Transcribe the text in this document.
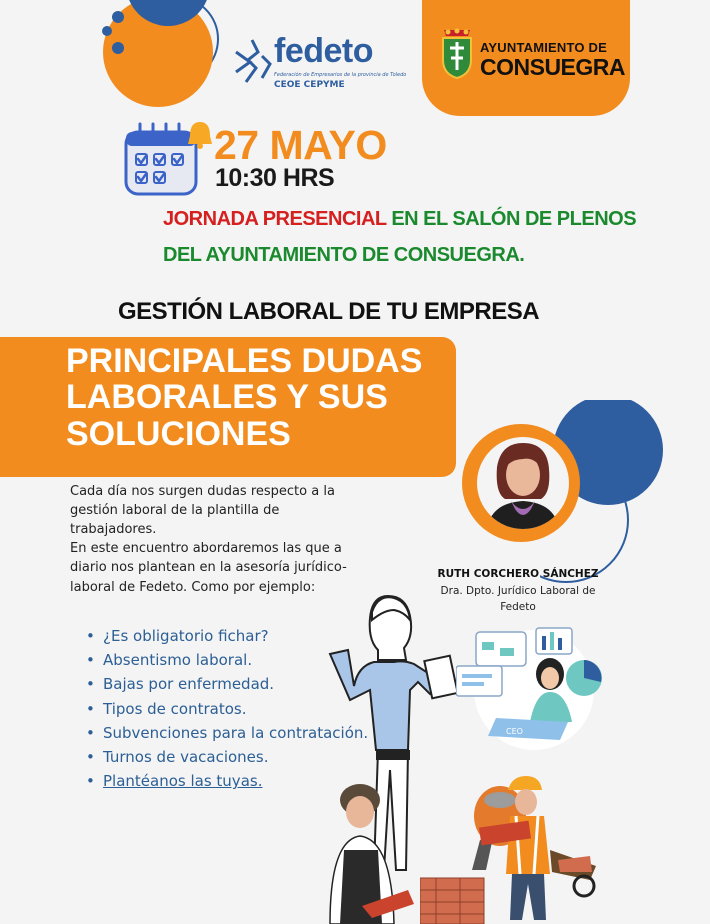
fedeto
Federación de Empresarios de la provincia de Toledo
CEOE CEPYME
AYUNTAMIENTO DE
CONSUEGRA
27 MAYO
10:30 HRS
JORNADA PRESENCIAL EN EL SALÓN DE PLENOS
DEL AYUNTAMIENTO DE CONSUEGRA.
GESTIÓN LABORAL DE TU EMPRESA
PRINCIPALES DUDAS
LABORALES Y SUS
SOLUCIONES
RUTH CORCHERO SÁNCHEZ
Dra. Dpto. Jurídico Laboral de Fedeto
Cada día nos surgen dudas respecto a la gestión laboral de la plantilla de trabajadores.
En este encuentro abordaremos las que a diario nos plantean en la asesoría jurídico-laboral de Fedeto. Como por ejemplo:
• ¿Es obligatorio fichar?
• Absentismo laboral.
• Bajas por enfermedad.
• Tipos de contratos.
• Subvenciones para la contratación.
• Turnos de vacaciones.
• Plantéanos las tuyas.
CEO
